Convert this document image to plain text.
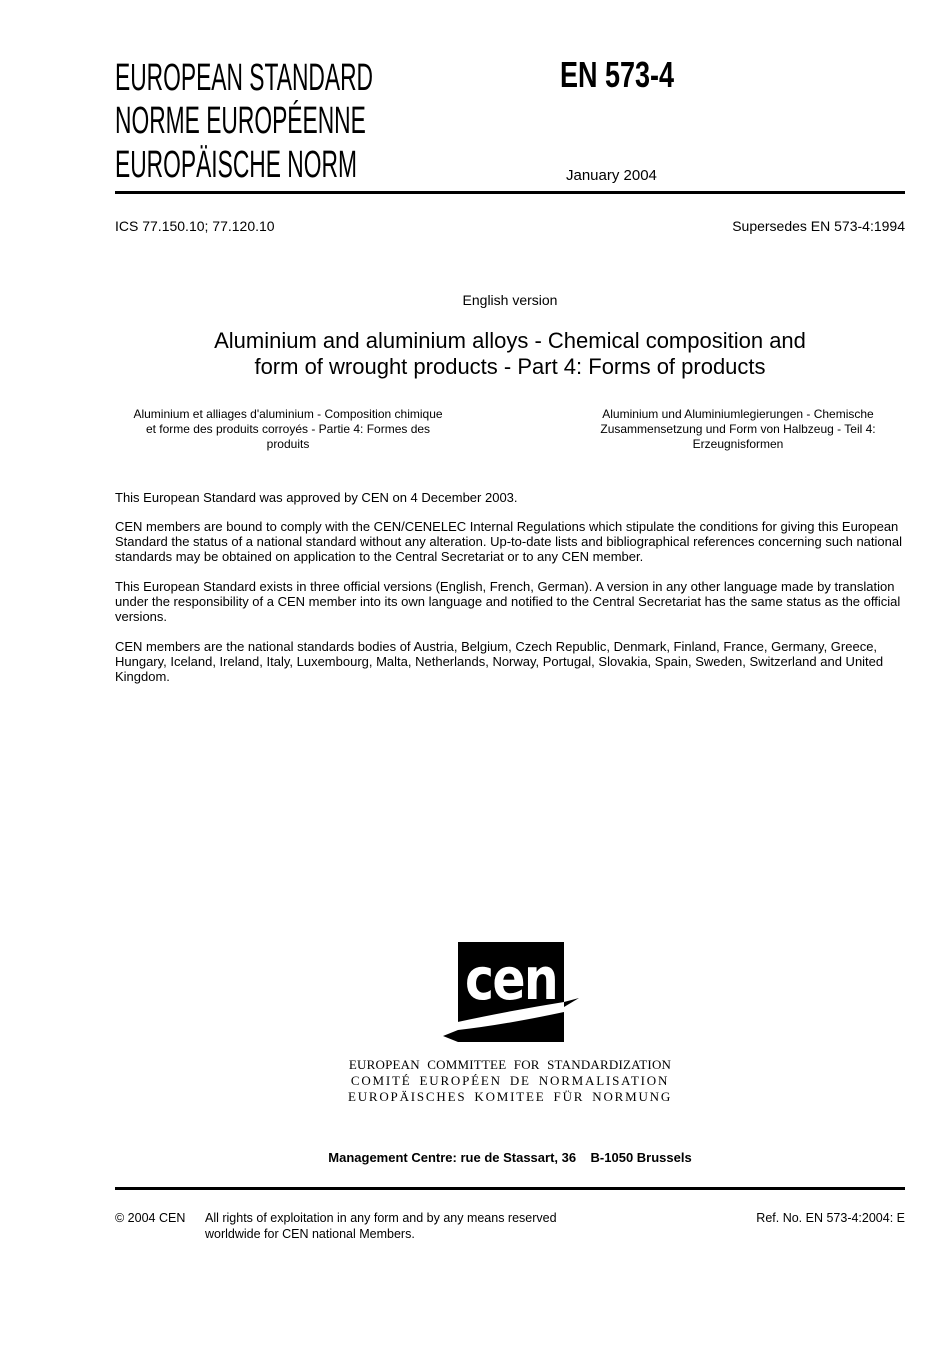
EUROPEAN STANDARD
NORME EUROPÉENNE
EUROPÄISCHE NORM
EN 573-4
January 2004
ICS 77.150.10; 77.120.10	Supersedes EN 573-4:1994
English version
Aluminium and aluminium alloys - Chemical composition and
form of wrought products - Part 4: Forms of products
Aluminium et alliages d'aluminium - Composition chimique
et forme des produits corroyés - Partie 4: Formes des
produits
Aluminium und Aluminiumlegierungen - Chemische
Zusammensetzung und Form von Halbzeug - Teil 4:
Erzeugnisformen
This European Standard was approved by CEN on 4 December 2003.
CEN members are bound to comply with the CEN/CENELEC Internal Regulations which stipulate the conditions for giving this European Standard the status of a national standard without any alteration. Up-to-date lists and bibliographical references concerning such national standards may be obtained on application to the Central Secretariat or to any CEN member.
This European Standard exists in three official versions (English, French, German). A version in any other language made by translation under the responsibility of a CEN member into its own language and notified to the Central Secretariat has the same status as the official versions.
CEN members are the national standards bodies of Austria, Belgium, Czech Republic, Denmark, Finland, France, Germany, Greece, Hungary, Iceland, Ireland, Italy, Luxembourg, Malta, Netherlands, Norway, Portugal, Slovakia, Spain, Sweden, Switzerland and United Kingdom.
cen
EUROPEAN COMMITTEE FOR STANDARDIZATION
COMITÉ EUROPÉEN DE NORMALISATION
EUROPÄISCHES KOMITEE FÜR NORMUNG
Management Centre: rue de Stassart, 36    B-1050 Brussels
© 2004 CEN All rights of exploitation in any form and by any means reserved
worldwide for CEN national Members.
Ref. No. EN 573-4:2004: E
